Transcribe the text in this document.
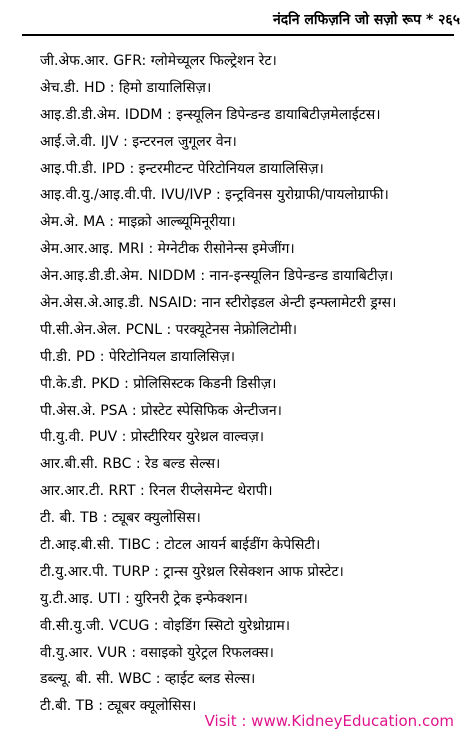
नंदनि लफिज़नि जो सज़ो रूप * २६५
जी.अेफ.आर. GFR: ग्लोमेच्यूलर फिल्ट्रेशन रेट।
अेच.डी. HD : हिमो डायालिसिज़।
आइ.डी.डी.अेम. IDDM : इन्स्यूलिन डिपेन्डन्ड डायाबिटीज़मेलाईटस।
आई.जे.वी. IJV : इन्टरनल जुगूलर वेन।
आइ.पी.डी. IPD : इन्टरमीटन्ट पेरिटोनियल डायालिसिज़।
आइ.वी.यु./आइ.वी.पी. IVU/IVP : इन्ट्रविनस युरोग्राफी/पायलोग्राफी।
अेम.अे. MA : माइक्रो आल्ब्यूमिनूरीया।
अेम.आर.आइ. MRI : मेग्नेटीक रीसोनेन्स इमेजींग।
अेन.आइ.डी.डी.अेम. NIDDM : नान-इन्स्यूलिन डिपेन्डन्ड डायाबिटीज़।
अेन.अेस.अे.आइ.डी. NSAID: नान स्टीरोइडल अेन्टी इन्फ्लामेटरी ड्रग्स।
पी.सी.अेन.अेल. PCNL : परक्यूटेनस नेफ्रोलिटोमी।
पी.डी. PD : पेरिटोनियल डायालिसिज़।
पी.के.डी. PKD : प्रोलिसिस्टक किडनी डिसीज़।
पी.अेस.अे. PSA : प्रोस्टेट स्पेसिफिक अेन्टीजन।
पी.यु.वी. PUV : प्रोस्टीरियर युरेथ्रल वाल्वज़।
आर.बी.सी. RBC : रेड बल्ड सेल्स।
आर.आर.टी. RRT : रिनल रीप्लेसमेन्ट थेरापी।
टी. बी. TB : ट्यूबर क्युलोसिस।
टी.आइ.बी.सी. TIBC : टोटल आयर्न बाईडींग केपेसिटी।
टी.यु.आर.पी. TURP : ट्रान्स युरेथ्रल रिसेक्शन आफ प्रोस्टेट।
यु.टी.आइ. UTI : युरिनरी ट्रेक इन्फेक्शन।
वी.सी.यु.जी. VCUG : वोइडिंग स्सिटो युरेथ्रोग्राम।
वी.यु.आर. VUR : वसाइको युरेट्रल रिफलक्स।
डब्ल्यू. बी. सी. WBC : व्हाईट ब्लड सेल्स।
टी.बी. TB : ट्यूबर क्यूलोसिस।
Visit : www.KidneyEducation.com
